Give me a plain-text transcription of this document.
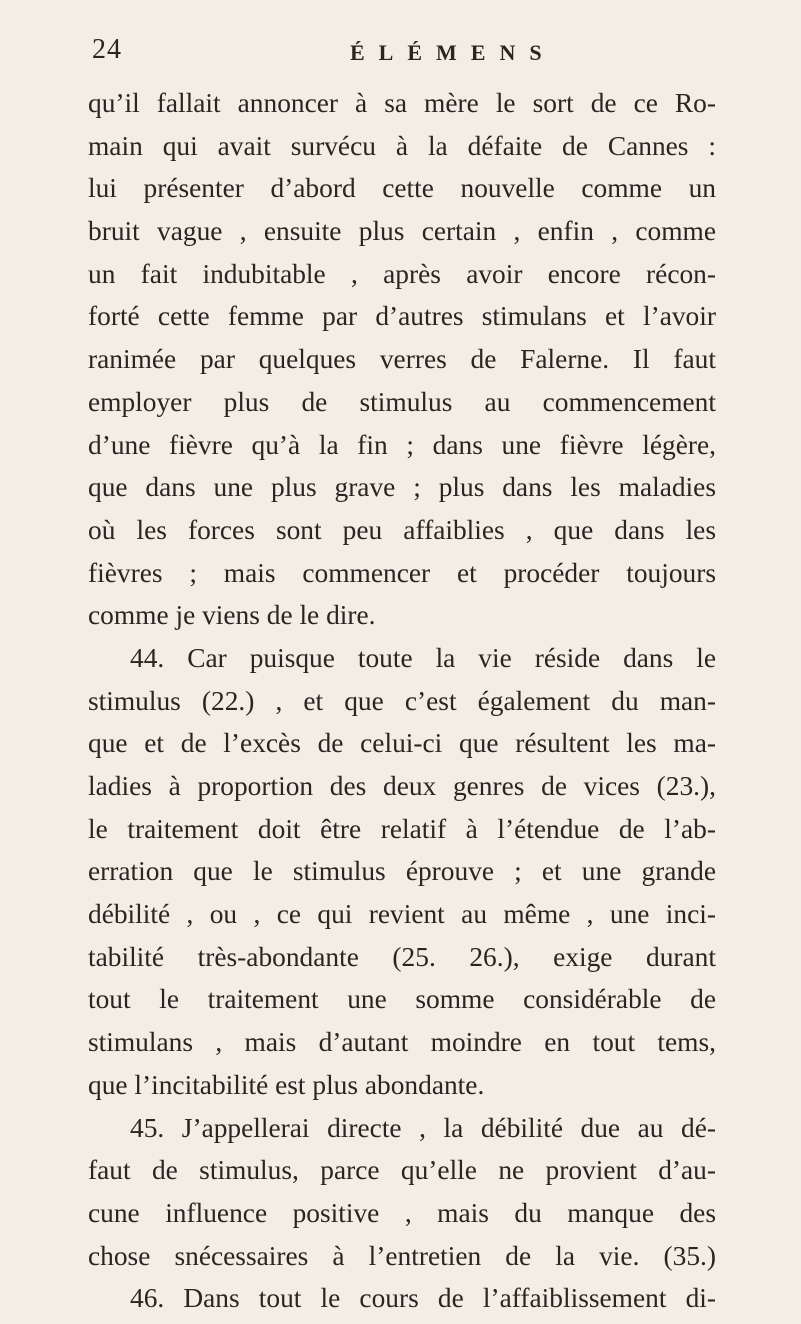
24	ÉLÉMENS
qu’il fallait annoncer à sa mère le sort de ce Ro-
main qui avait survécu à la défaite de Cannes :
lui présenter d’abord cette nouvelle comme un
bruit vague , ensuite plus certain , enfin , comme
un fait indubitable , après avoir encore récon-
forté cette femme par d’autres stimulans et l’avoir
ranimée par quelques verres de Falerne. Il faut
employer plus de stimulus au commencement
d’une fièvre qu’à la fin ; dans une fièvre légère,
que dans une plus grave ; plus dans les maladies
où les forces sont peu affaiblies , que dans les
fièvres ; mais commencer et procéder toujours
comme je viens de le dire.
44. Car puisque toute la vie réside dans le
stimulus (22.) , et que c’est également du man-
que et de l’excès de celui-ci que résultent les ma-
ladies à proportion des deux genres de vices (23.),
le traitement doit être relatif à l’étendue de l’ab-
erration que le stimulus éprouve ; et une grande
débilité , ou , ce qui revient au même , une inci-
tabilité très-abondante (25. 26.), exige durant
tout le traitement une somme considérable de
stimulans , mais d’autant moindre en tout tems,
que l’incitabilité est plus abondante.
45. J’appellerai directe , la débilité due au dé-
faut de stimulus, parce qu’elle ne provient d’au-
cune influence positive , mais du manque des
chose snécessaires à l’entretien de la vie. (35.)
46. Dans tout le cours de l’affaiblissement di-
